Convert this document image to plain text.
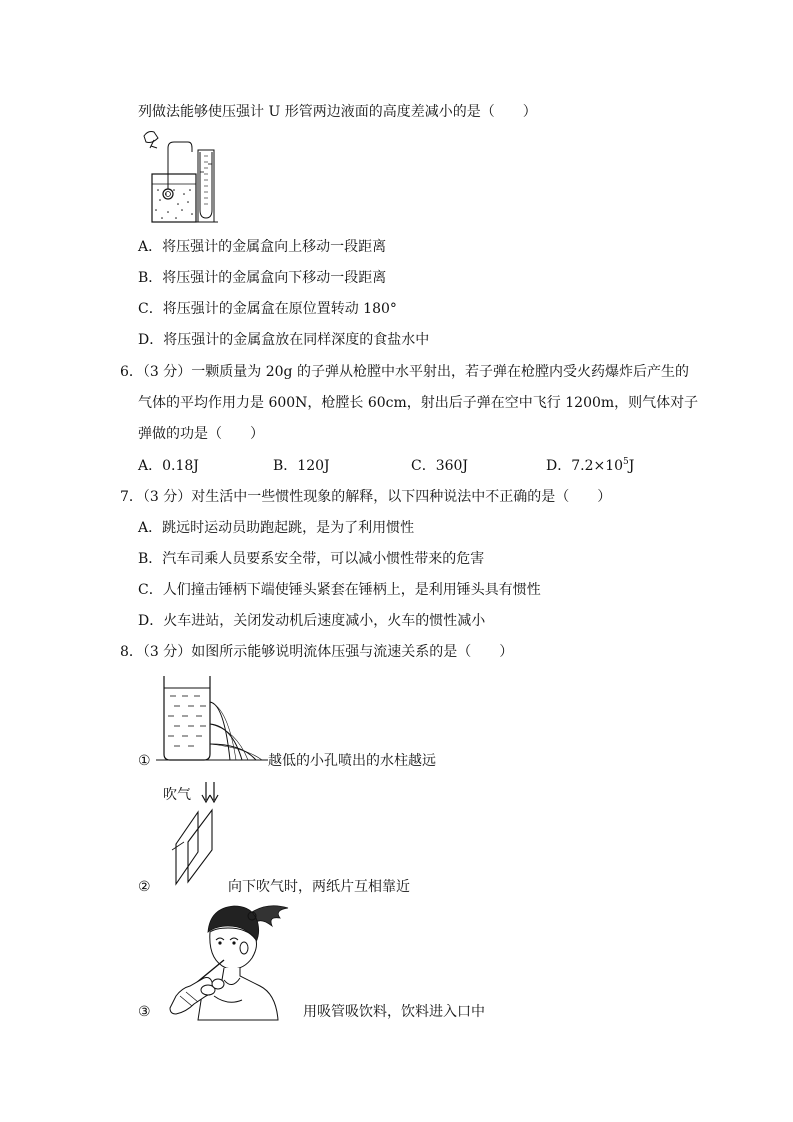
列做法能够使压强计 U 形管两边液面的高度差减小的是（　　）
A．将压强计的金属盒向上移动一段距离
B．将压强计的金属盒向下移动一段距离
C．将压强计的金属盒在原位置转动 180°
D．将压强计的金属盒放在同样深度的食盐水中
6．（3 分）一颗质量为 20g 的子弹从枪膛中水平射出，若子弹在枪膛内受火药爆炸后产生的
气体的平均作用力是 600N，枪膛长 60cm，射出后子弹在空中飞行 1200m，则气体对子
弹做的功是（　　）
A．0.18J	B．120J	C．360J	D．$7.2\times 10^5J$
7．（3 分）对生活中一些惯性现象的解释，以下四种说法中不正确的是（　　）
A．跳远时运动员助跑起跳，是为了利用惯性
B．汽车司乘人员要系安全带，可以减小惯性带来的危害
C．人们撞击锤柄下端使锤头紧套在锤柄上，是利用锤头具有惯性
D．火车进站，关闭发动机后速度减小，火车的惯性减小
8．（3 分）如图所示能够说明流体压强与流速关系的是（　　）
①	越低的小孔喷出的水柱越远
吹气
②	向下吹气时，两纸片互相靠近
③	用吸管吸饮料，饮料进入口中
